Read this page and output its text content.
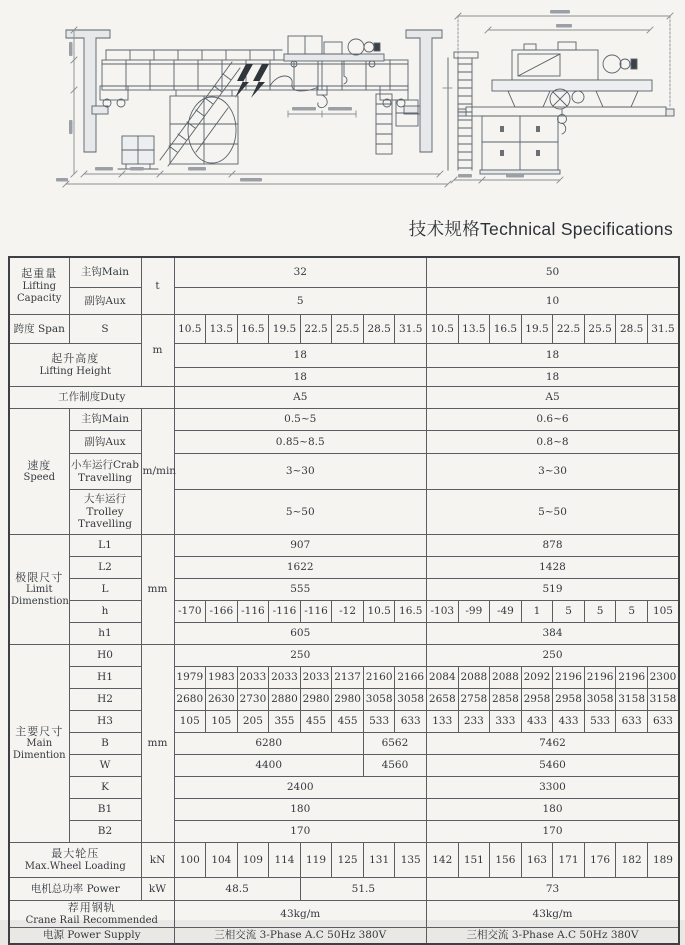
技术规格Technical Specifications
起重量
Lifting Capacity	主钩Main	t	32								50							
	副钩Aux		5								10							
跨度 Span	S	m	10.5	13.5	16.5	19.5	22.5	25.5	28.5	31.5	10.5	13.5	16.5	19.5	22.5	25.5	28.5	31.5

起升高度
Lifting Height			18								18							
			18								18							
工作制度Duty			A5								A5							

速度
Speed	主钩Main	m/min	0.5~5								0.6~6							
	副钩Aux		0.85~8.5								0.8~8							
	小车运行Crab Travelling		3~30								3~30							
	大车运行 Trolley Travelling		5~50								5~50							

极限尺寸
Limit Dimenstion	L1	mm	907								878							
	L2		1622								1428							
	L		555								519							
	h		-170	-166	-116	-116	-116	-12	10.5	16.5	-103	-99	-49	1	5	5	5	105
	h1		605								384							

主要尺寸
Main Dimention	H0	mm	250								250							
	H1		1979	1983	2033	2033	2033	2137	2160	2166	2084	2088	2088	2092	2196	2196	2196	2300
	H2		2680	2630	2730	2880	2980	2980	3058	3058	2658	2758	2858	2958	2958	3058	3158	3158
	H3		105	105	205	355	455	455	533	633	133	233	333	433	433	533	633	633
	B		6280						6562		7462							
	W		4400						4560		5460							
	K		2400								3300							
	B1		180								180							
	B2		170								170							

最大轮压
Max.Wheel Loading		kN	100	104	109	114	119	125	131	135	142	151	156	163	171	176	182	189
电机总功率 Power		kW	48.5				51.5				73							

荐用钢轨
Crane Rail Recommended			43kg/m								43kg/m							
电源 Power Supply			三相交流 3-Phase A.C 50Hz 380V								三相交流 3-Phase A.C 50Hz 380V							
